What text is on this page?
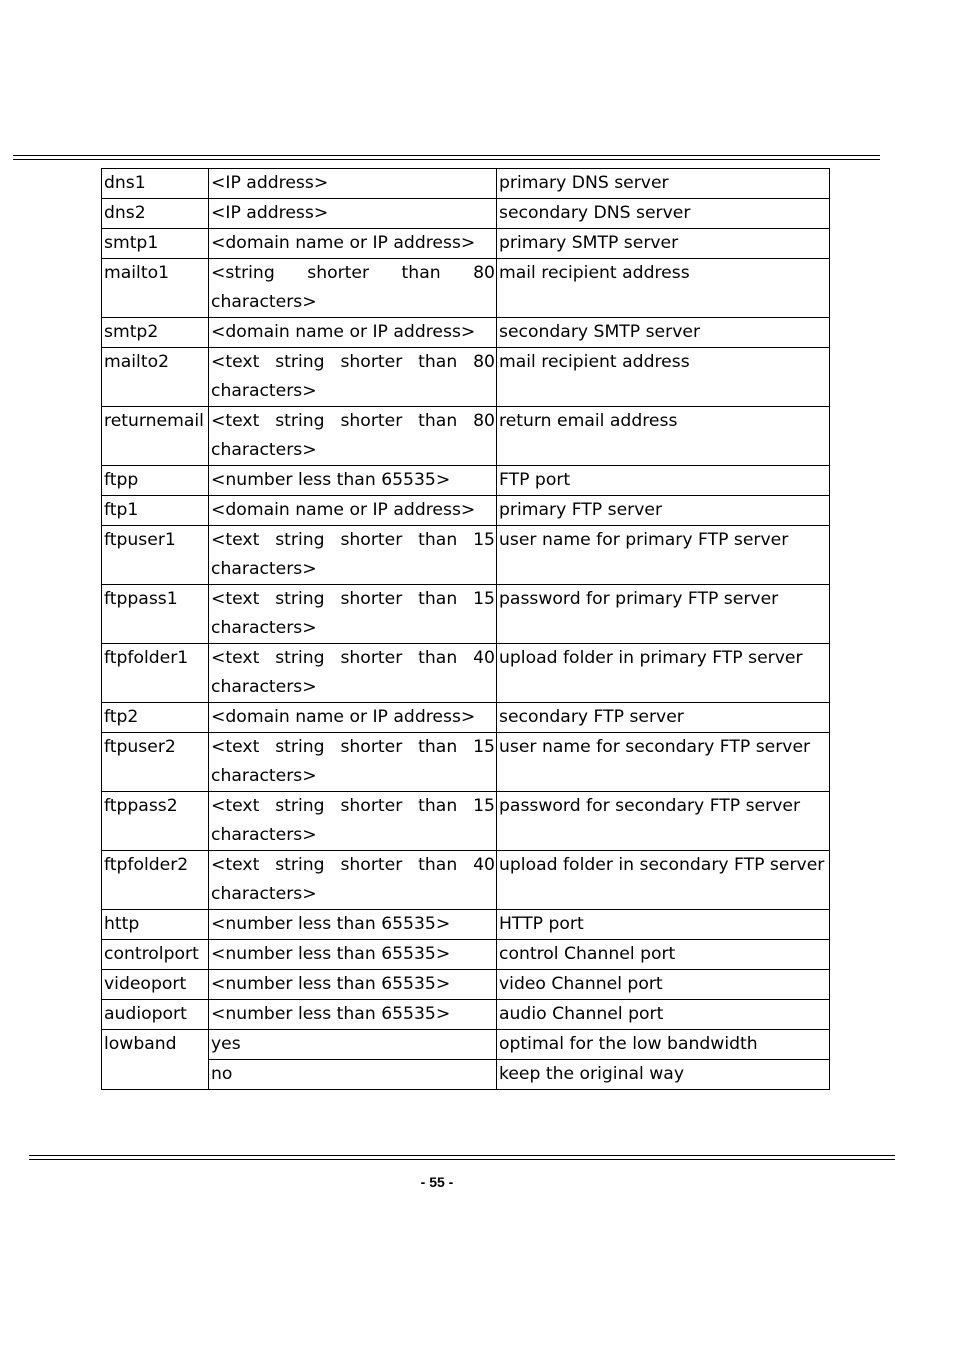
dns1	<IP address>	primary DNS server
dns2	<IP address>	secondary DNS server
smtp1	<domain name or IP address>	primary SMTP server
mailto1	<string shorter than 80 characters>	mail recipient address
smtp2	<domain name or IP address>	secondary SMTP server
mailto2	<text string shorter than 80 characters>	mail recipient address
returnemail	<text string shorter than 80 characters>	return email address
ftpp	<number less than 65535>	FTP port
ftp1	<domain name or IP address>	primary FTP server
ftpuser1	<text string shorter than 15 characters>	user name for primary FTP server
ftppass1	<text string shorter than 15 characters>	password for primary FTP server
ftpfolder1	<text string shorter than 40 characters>	upload folder in primary FTP server
ftp2	<domain name or IP address>	secondary FTP server
ftpuser2	<text string shorter than 15 characters>	user name for secondary FTP server
ftppass2	<text string shorter than 15 characters>	password for secondary FTP server
ftpfolder2	<text string shorter than 40 characters>	upload folder in secondary FTP server
http	<number less than 65535>	HTTP port
controlport	<number less than 65535>	control Channel port
videoport	<number less than 65535>	video Channel port
audioport	<number less than 65535>	audio Channel port
lowband	yes	optimal for the low bandwidth
	no	keep the original way
- 55 -
